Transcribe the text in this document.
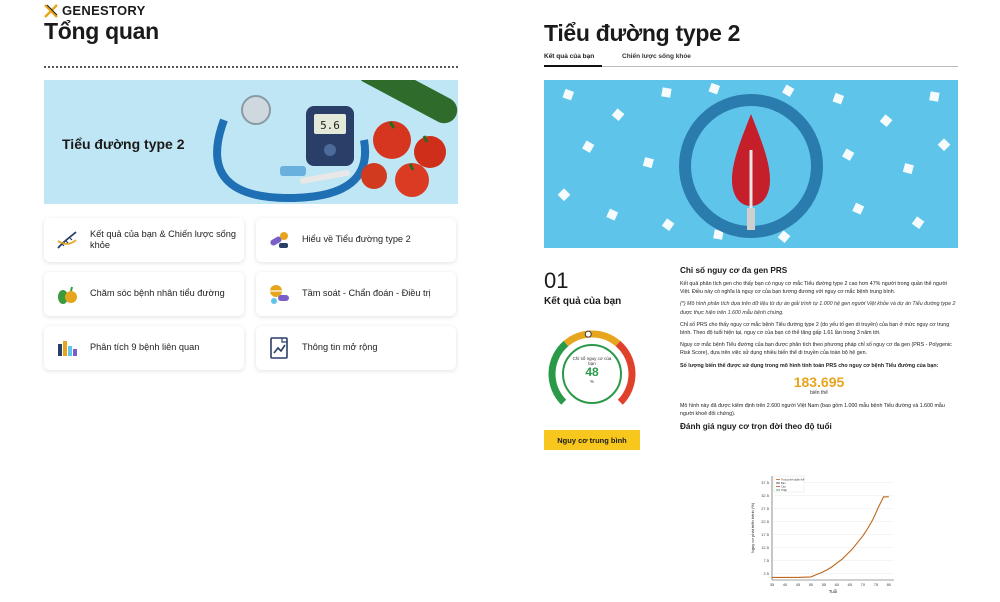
GENESTORY
Tổng quan
5.6
Tiểu đường type 2
Kết quả của bạn & Chiến lược sống khỏe
Hiểu về Tiểu đường type 2
Chăm sóc bệnh nhân tiểu đường	Tầm soát - Chẩn đoán - Điều trị
Phân tích 9 bệnh liên quan	Thông tin mở rộng
Tiểu đường type 2
Kết quả của bạn	Chiến lược sống khỏe
01
Kết quả của bạn
Chỉ số nguy cơ của bạn
48
%
Nguy cơ trung bình
Chỉ số nguy cơ đa gen PRS

Kết quả phân tích gen cho thấy bạn có nguy cơ mắc Tiểu đường type 2 cao hơn 47% người trong quần thể người Việt. Điều này có nghĩa là nguy cơ của bạn tương đương với nguy cơ mắc bệnh trung bình.

(*) Mô hình phân tích dựa trên dữ liệu từ dự án giải trình tự 1.000 hệ gen người Việt khỏe và dự án Tiểu đường type 2 được thực hiện trên 1.600 mẫu bệnh chứng.

Chỉ số PRS cho thấy nguy cơ mắc bệnh Tiểu đường type 2 (do yếu tố gen di truyền) của bạn ở mức nguy cơ trung bình. Theo độ tuổi hiện tại, nguy cơ của bạn có thể tăng gấp 1.61 lần trong 3 năm tới.

Nguy cơ mắc bệnh Tiểu đường của bạn được phân tích theo phương pháp chỉ số nguy cơ đa gen (PRS - Polygenic Risk Score), dựa trên việc sử dụng nhiều biến thể di truyền của toàn bộ hệ gen.

Số lượng biến thể được sử dụng trong mô hình tính toán PRS cho nguy cơ bệnh Tiểu đường của bạn:

183.695
biến thể

Mô hình này đã được kiểm định trên 2.600 người Việt Nam (bao gồm 1.000 mẫu bệnh Tiểu đường và 1.600 mẫu người khoẻ đối chứng).

Đánh giá nguy cơ trọn đời theo độ tuổi
2.5
7.5
12.5
17.5
22.5
27.5
32.5
37.5
35 40 45 50 55 60 65 70 75 80
Tuổi
Nguy cơ phát triển bệnh (%)
Trung bình quần thể
Bạn
Cao
Thấp
